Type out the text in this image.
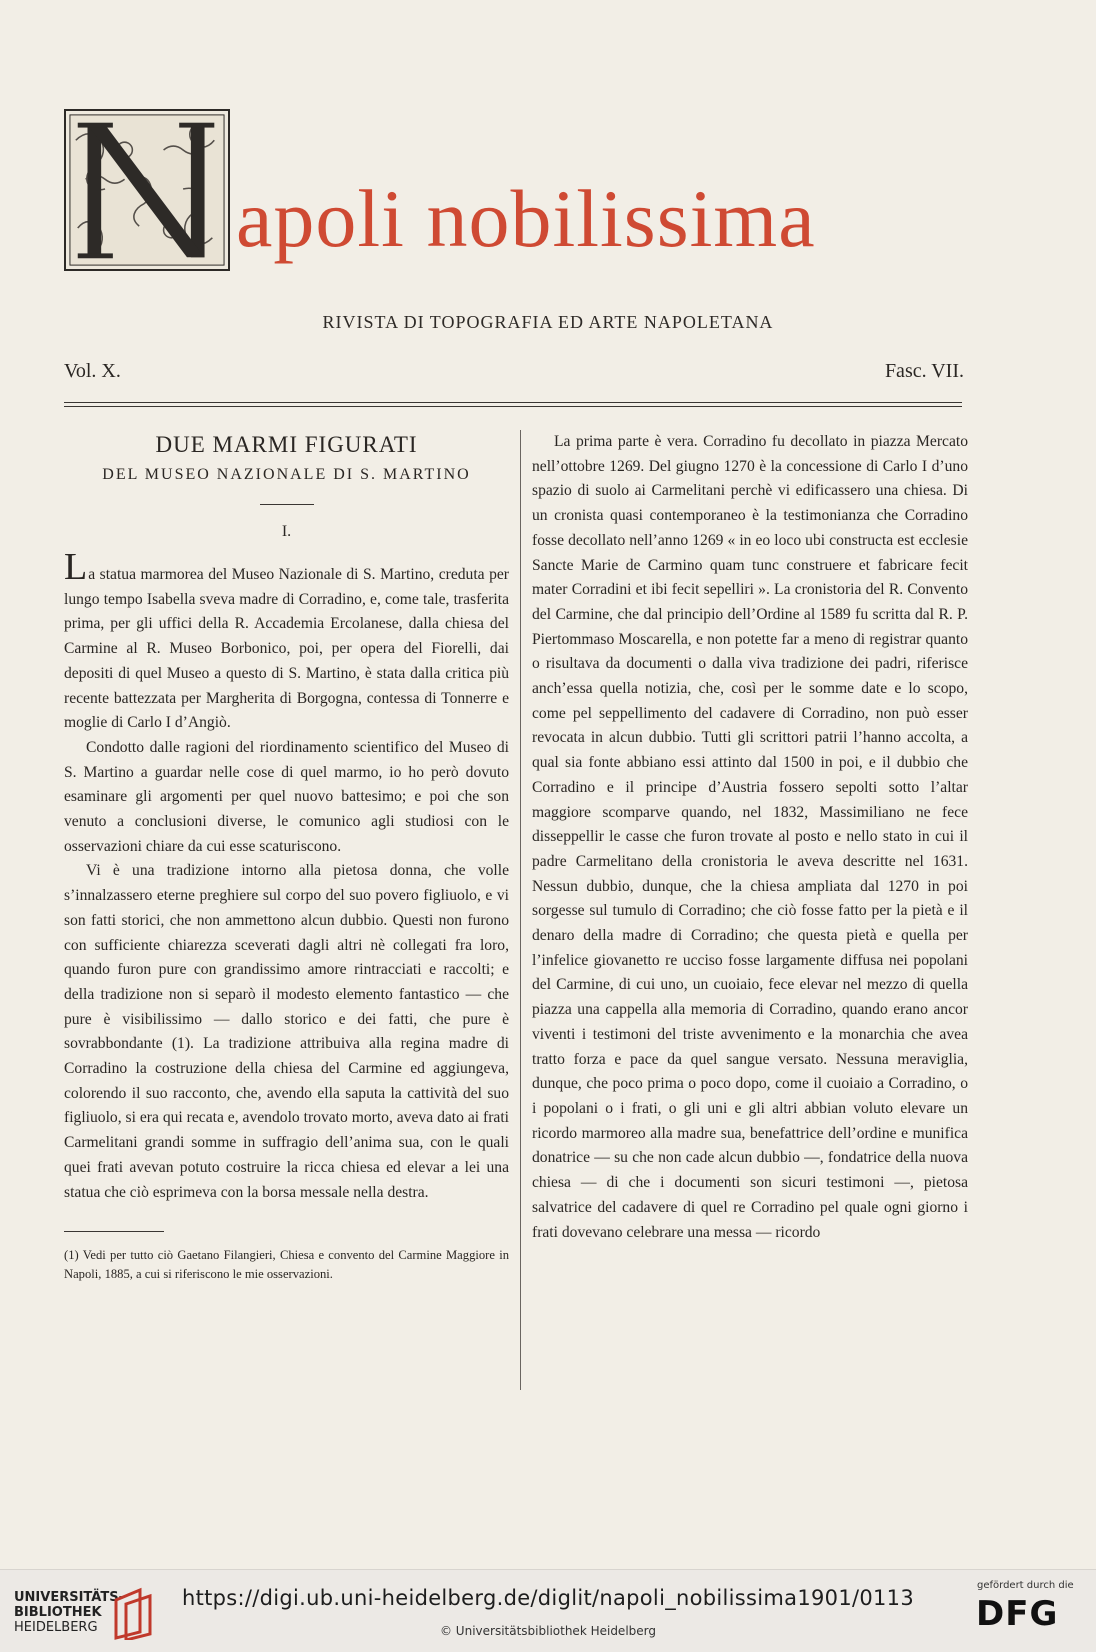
apoli nobilissima
RIVISTA DI TOPOGRAFIA ED ARTE NAPOLETANA
Vol. X.	Fasc. VII.
DUE MARMI FIGURATI
DEL MUSEO NAZIONALE DI S. MARTINO
I.

La statua marmorea del Museo Nazionale di S. Martino, creduta per lungo tempo Isabella sveva madre di Corradino, e, come tale, trasferita prima, per gli uffici della R. Accademia Ercolanese, dalla chiesa del Carmine al R. Museo Borbonico, poi, per opera del Fiorelli, dai depositi di quel Museo a questo di S. Martino, è stata dalla critica più recente battezzata per Margherita di Borgogna, contessa di Tonnerre e moglie di Carlo I d’Angiò.

Condotto dalle ragioni del riordinamento scientifico del Museo di S. Martino a guardar nelle cose di quel marmo, io ho però dovuto esaminare gli argomenti per quel nuovo battesimo; e poi che son venuto a conclusioni diverse, le comunico agli studiosi con le osservazioni chiare da cui esse scaturiscono.

Vi è una tradizione intorno alla pietosa donna, che volle s’innalzassero eterne preghiere sul corpo del suo povero figliuolo, e vi son fatti storici, che non ammettono alcun dubbio. Questi non furono con sufficiente chiarezza sceverati dagli altri nè collegati fra loro, quando furon pure con grandissimo amore rintracciati e raccolti; e della tradizione non si separò il modesto elemento fantastico — che pure è visibilissimo — dallo storico e dei fatti, che pure è sovrabbondante (1). La tradizione attribuiva alla regina madre di Corradino la costruzione della chiesa del Carmine ed aggiungeva, colorendo il suo racconto, che, avendo ella saputa la cattività del suo figliuolo, si era qui recata e, avendolo trovato morto, aveva dato ai frati Carmelitani grandi somme in suffragio dell’anima sua, con le quali quei frati avevan potuto costruire la ricca chiesa ed elevar a lei una statua che ciò esprimeva con la borsa messale nella destra.

(1) Vedi per tutto ciò Gaetano Filangieri, Chiesa e convento del Carmine Maggiore in Napoli, 1885, a cui si riferiscono le mie osservazioni.

La prima parte è vera. Corradino fu decollato in piazza Mercato nell’ottobre 1269. Del giugno 1270 è la concessione di Carlo I d’uno spazio di suolo ai Carmelitani perchè vi edificassero una chiesa. Di un cronista quasi contemporaneo è la testimonianza che Corradino fosse decollato nell’anno 1269 « in eo loco ubi constructa est ecclesie Sancte Marie de Carmino quam tunc construere et fabricare fecit mater Corradini et ibi fecit sepelliri ». La cronistoria del R. Convento del Carmine, che dal principio dell’Ordine al 1589 fu scritta dal R. P. Piertommaso Moscarella, e non potette far a meno di registrar quanto o risultava da documenti o dalla viva tradizione dei padri, riferisce anch’essa quella notizia, che, così per le somme date e lo scopo, come pel seppellimento del cadavere di Corradino, non può esser revocata in alcun dubbio. Tutti gli scrittori patrii l’hanno accolta, a qual sia fonte abbiano essi attinto dal 1500 in poi, e il dubbio che Corradino e il principe d’Austria fossero sepolti sotto l’altar maggiore scomparve quando, nel 1832, Massimiliano ne fece disseppellir le casse che furon trovate al posto e nello stato in cui il padre Carmelitano della cronistoria le aveva descritte nel 1631. Nessun dubbio, dunque, che la chiesa ampliata dal 1270 in poi sorgesse sul tumulo di Corradino; che ciò fosse fatto per la pietà e il denaro della madre di Corradino; che questa pietà e quella per l’infelice giovanetto re ucciso fosse largamente diffusa nei popolani del Carmine, di cui uno, un cuoiaio, fece elevar nel mezzo di quella piazza una cappella alla memoria di Corradino, quando erano ancor viventi i testimoni del triste avvenimento e la monarchia che avea tratto forza e pace da quel sangue versato. Nessuna meraviglia, dunque, che poco prima o poco dopo, come il cuoiaio a Corradino, o i popolani o i frati, o gli uni e gli altri abbian voluto elevare un ricordo marmoreo alla madre sua, benefattrice dell’ordine e munifica donatrice — su che non cade alcun dubbio —, fondatrice della nuova chiesa — di che i documenti son sicuri testimoni —, pietosa salvatrice del cadavere di quel re Corradino pel quale ogni giorno i frati dovevano celebrare una messa — ricordo

UNIVERSITÄTS-
BIBLIOTHEK
HEIDELBERG
https://digi.ub.uni-heidelberg.de/diglit/napoli_nobilissima1901/0113
© Universitätsbibliothek Heidelberg
gefördert durch die
DFG
